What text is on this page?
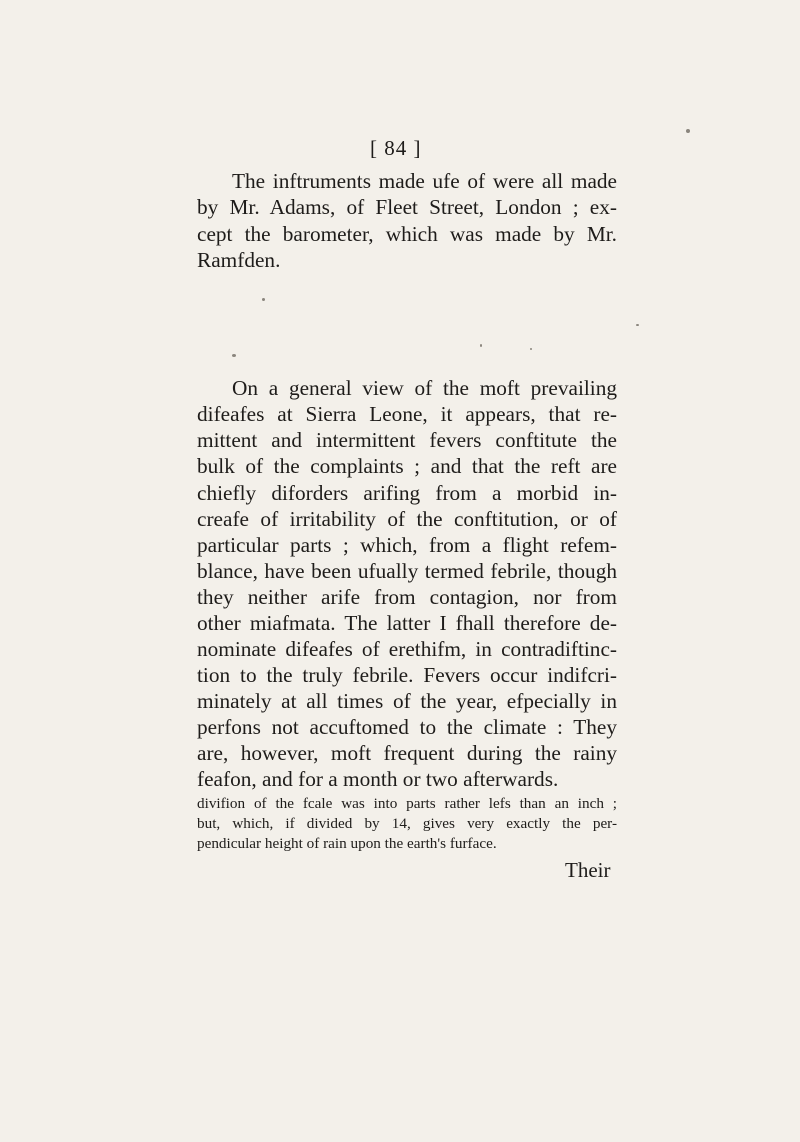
[ 84 ]
The inftruments made ufe of were all made
by Mr. Adams, of Fleet Street, London ; ex-
cept the barometer, which was made by Mr.
Ramfden.
On a general view of the moft prevailing
difeafes at Sierra Leone, it appears, that re-
mittent and intermittent fevers conftitute the
bulk of the complaints ; and that the reft are
chiefly diforders arifing from a morbid in-
creafe of irritability of the conftitution, or of
particular parts ; which, from a flight refem-
blance, have been ufually termed febrile, though
they neither arife from contagion, nor from
other miafmata. The latter I fhall therefore de-
nominate difeafes of erethifm, in contradiftinc-
tion to the truly febrile. Fevers occur indifcri-
minately at all times of the year, efpecially in
perfons not accuftomed to the climate : They
are, however, moft frequent during the rainy
feafon, and for a month or two afterwards.
divifion of the fcale was into parts rather lefs than an inch ;
but, which, if divided by 14, gives very exactly the per-
pendicular height of rain upon the earth's furface.
Their
